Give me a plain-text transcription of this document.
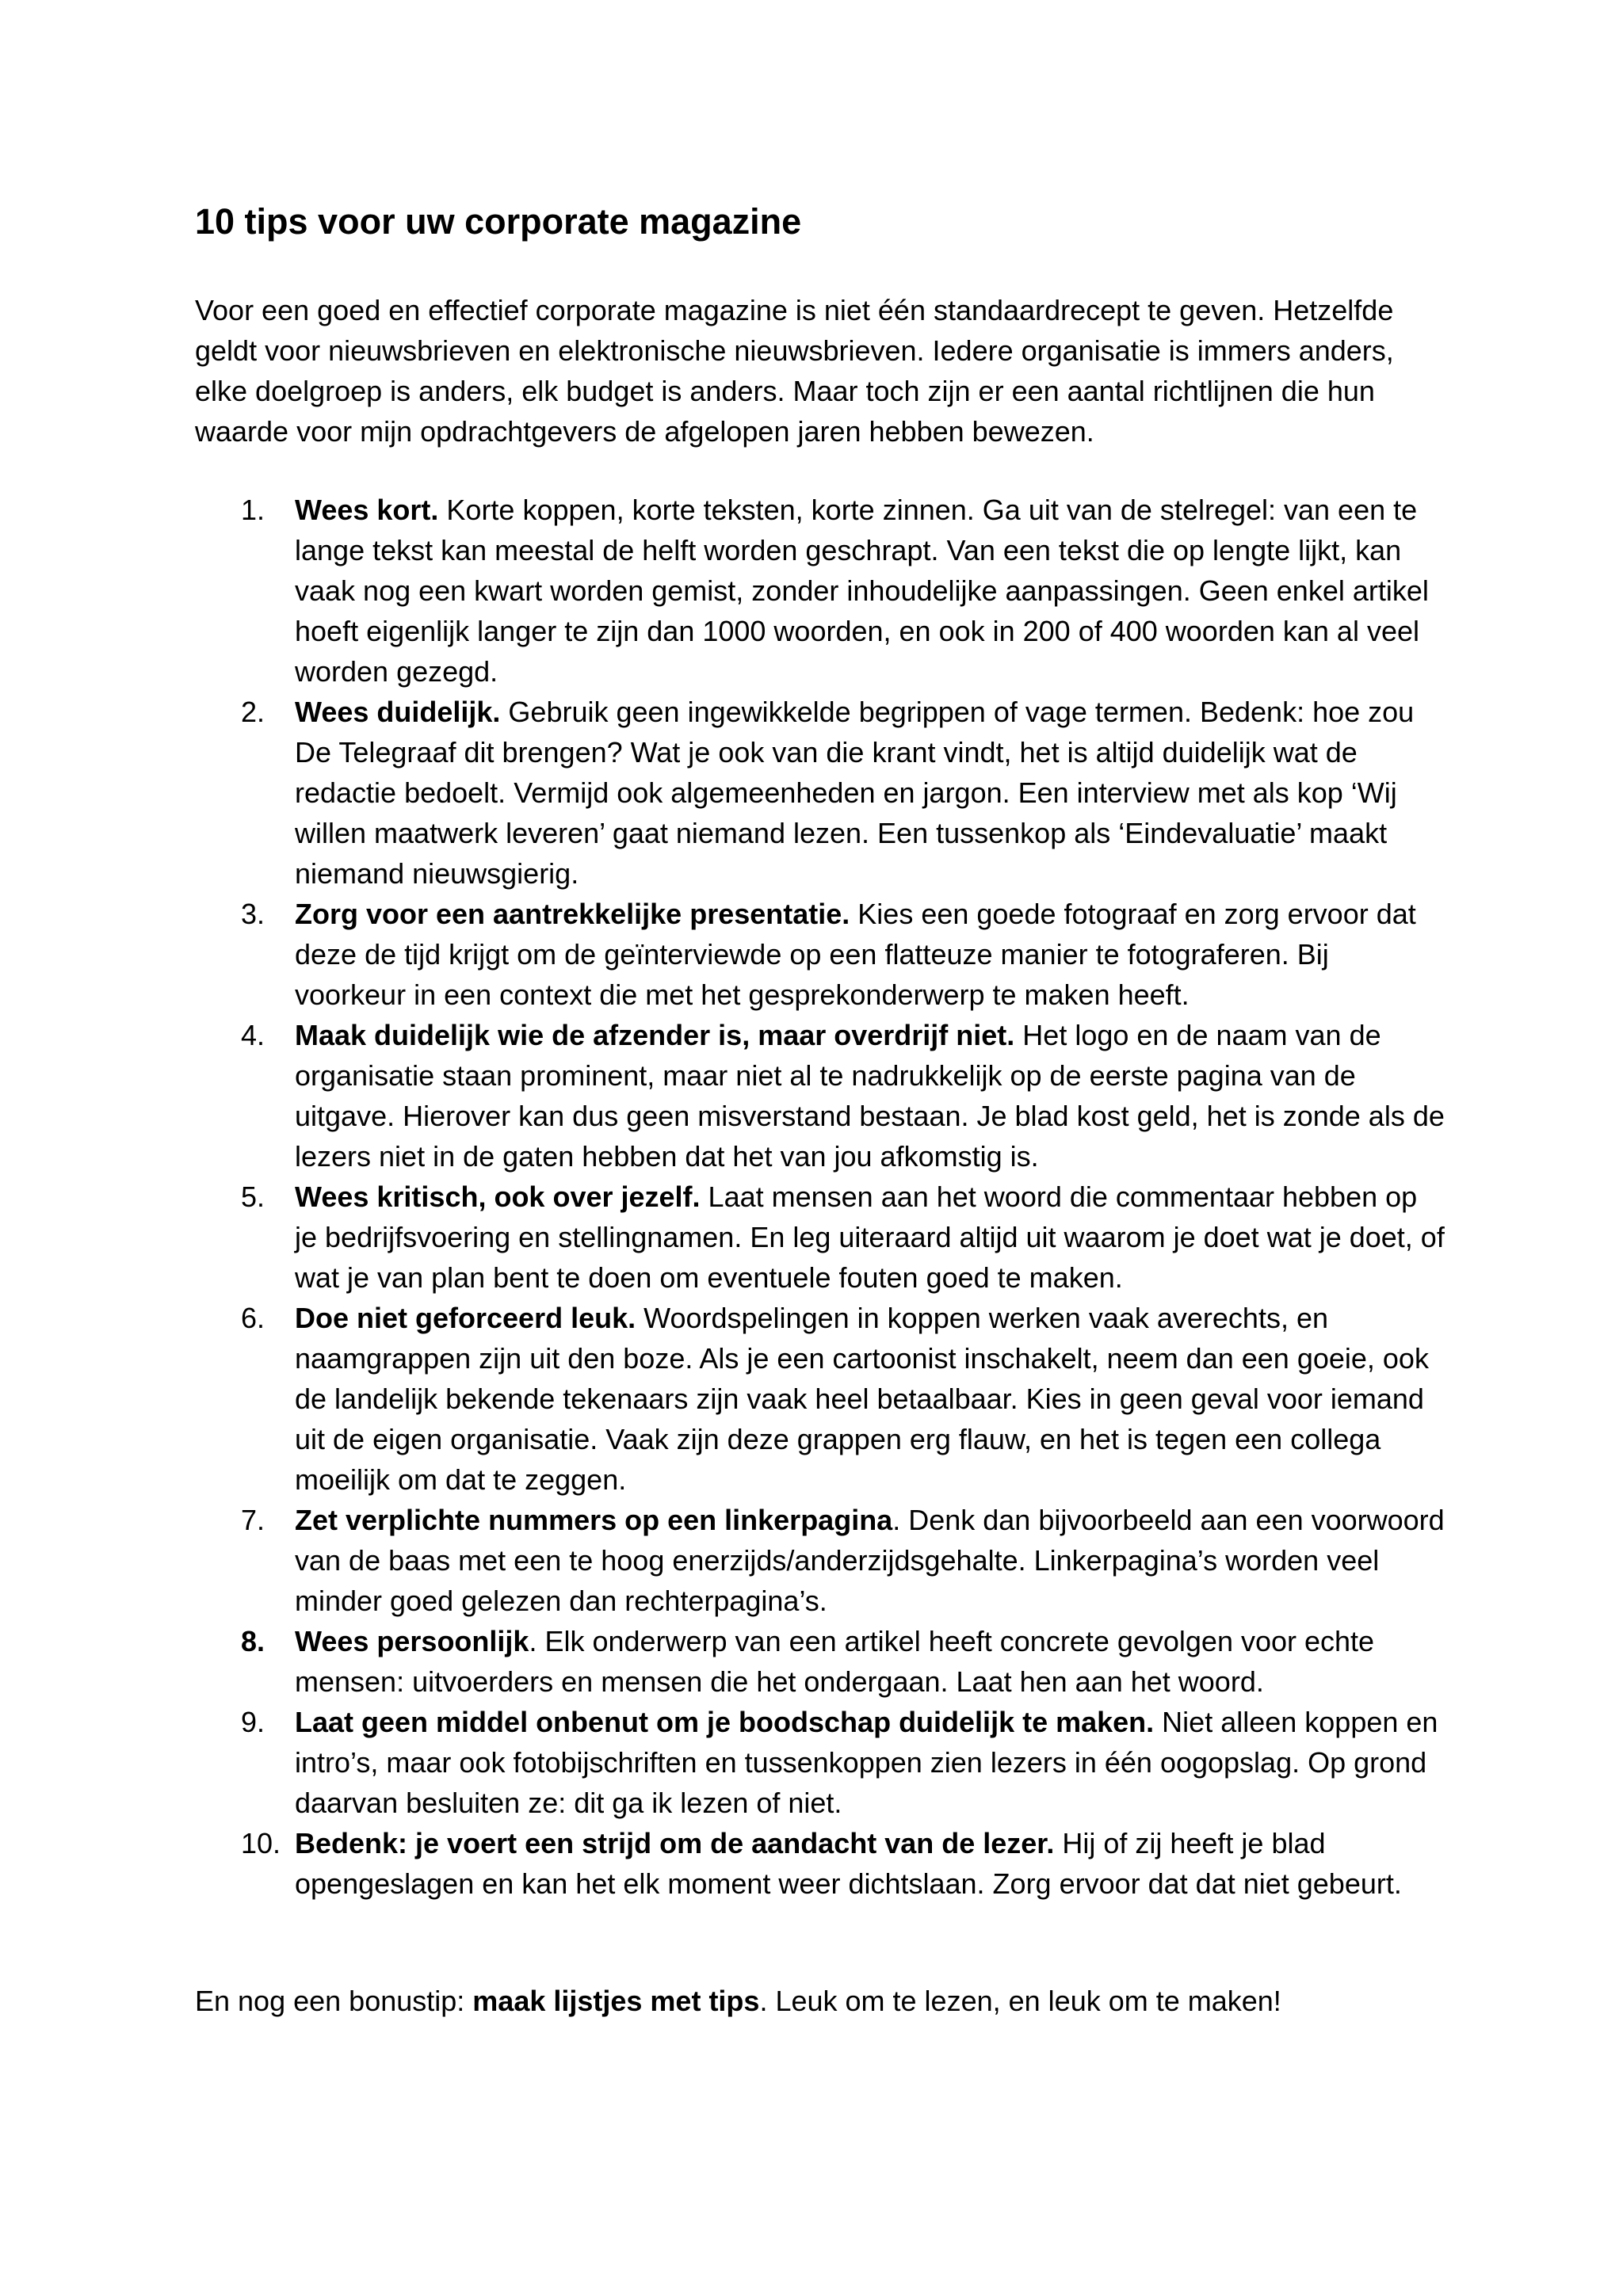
10 tips voor uw corporate magazine

Voor een goed en effectief corporate magazine is niet één standaardrecept te geven. Hetzelfde geldt voor nieuwsbrieven en elektronische nieuwsbrieven. Iedere organisatie is immers anders, elke doelgroep is anders, elk budget is anders. Maar toch zijn er een aantal richtlijnen die hun waarde voor mijn opdrachtgevers de afgelopen jaren hebben bewezen.

1. Wees kort. Korte koppen, korte teksten, korte zinnen. Ga uit van de stelregel: van een te lange tekst kan meestal de helft worden geschrapt. Van een tekst die op lengte lijkt, kan vaak nog een kwart worden gemist, zonder inhoudelijke aanpassingen. Geen enkel artikel hoeft eigenlijk langer te zijn dan 1000 woorden, en ook in 200 of 400 woorden kan al veel worden gezegd.
2. Wees duidelijk. Gebruik geen ingewikkelde begrippen of vage termen. Bedenk: hoe zou De Telegraaf dit brengen? Wat je ook van die krant vindt, het is altijd duidelijk wat de redactie bedoelt. Vermijd ook algemeenheden en jargon. Een interview met als kop ‘Wij willen maatwerk leveren’ gaat niemand lezen. Een tussenkop als ‘Eindevaluatie’ maakt niemand nieuwsgierig.
3. Zorg voor een aantrekkelijke presentatie. Kies een goede fotograaf en zorg ervoor dat deze de tijd krijgt om de geïnterviewde op een flatteuze manier te fotograferen. Bij voorkeur in een context die met het gesprekonderwerp te maken heeft.
4. Maak duidelijk wie de afzender is, maar overdrijf niet. Het logo en de naam van de organisatie staan prominent, maar niet al te nadrukkelijk op de eerste pagina van de uitgave. Hierover kan dus geen misverstand bestaan. Je blad kost geld, het is zonde als de lezers niet in de gaten hebben dat het van jou afkomstig is.
5. Wees kritisch, ook over jezelf. Laat mensen aan het woord die commentaar hebben op je bedrijfsvoering en stellingnamen. En leg uiteraard altijd uit waarom je doet wat je doet, of wat je van plan bent te doen om eventuele fouten goed te maken.
6. Doe niet geforceerd leuk. Woordspelingen in koppen werken vaak averechts, en naamgrappen zijn uit den boze. Als je een cartoonist inschakelt, neem dan een goeie, ook de landelijk bekende tekenaars zijn vaak heel betaalbaar. Kies in geen geval voor iemand uit de eigen organisatie. Vaak zijn deze grappen erg flauw, en het is tegen een collega moeilijk om dat te zeggen.
7. Zet verplichte nummers op een linkerpagina. Denk dan bijvoorbeeld aan een voorwoord van de baas met een te hoog enerzijds/anderzijdsgehalte. Linkerpagina’s worden veel minder goed gelezen dan rechterpagina’s.
8. Wees persoonlijk. Elk onderwerp van een artikel heeft concrete gevolgen voor echte mensen: uitvoerders en mensen die het ondergaan. Laat hen aan het woord.
9. Laat geen middel onbenut om je boodschap duidelijk te maken. Niet alleen koppen en intro’s, maar ook fotobijschriften en tussenkoppen zien lezers in één oogopslag. Op grond daarvan besluiten ze: dit ga ik lezen of niet.
10. Bedenk: je voert een strijd om de aandacht van de lezer. Hij of zij heeft je blad opengeslagen en kan het elk moment weer dichtslaan. Zorg ervoor dat dat niet gebeurt.

En nog een bonustip: maak lijstjes met tips. Leuk om te lezen, en leuk om te maken!
